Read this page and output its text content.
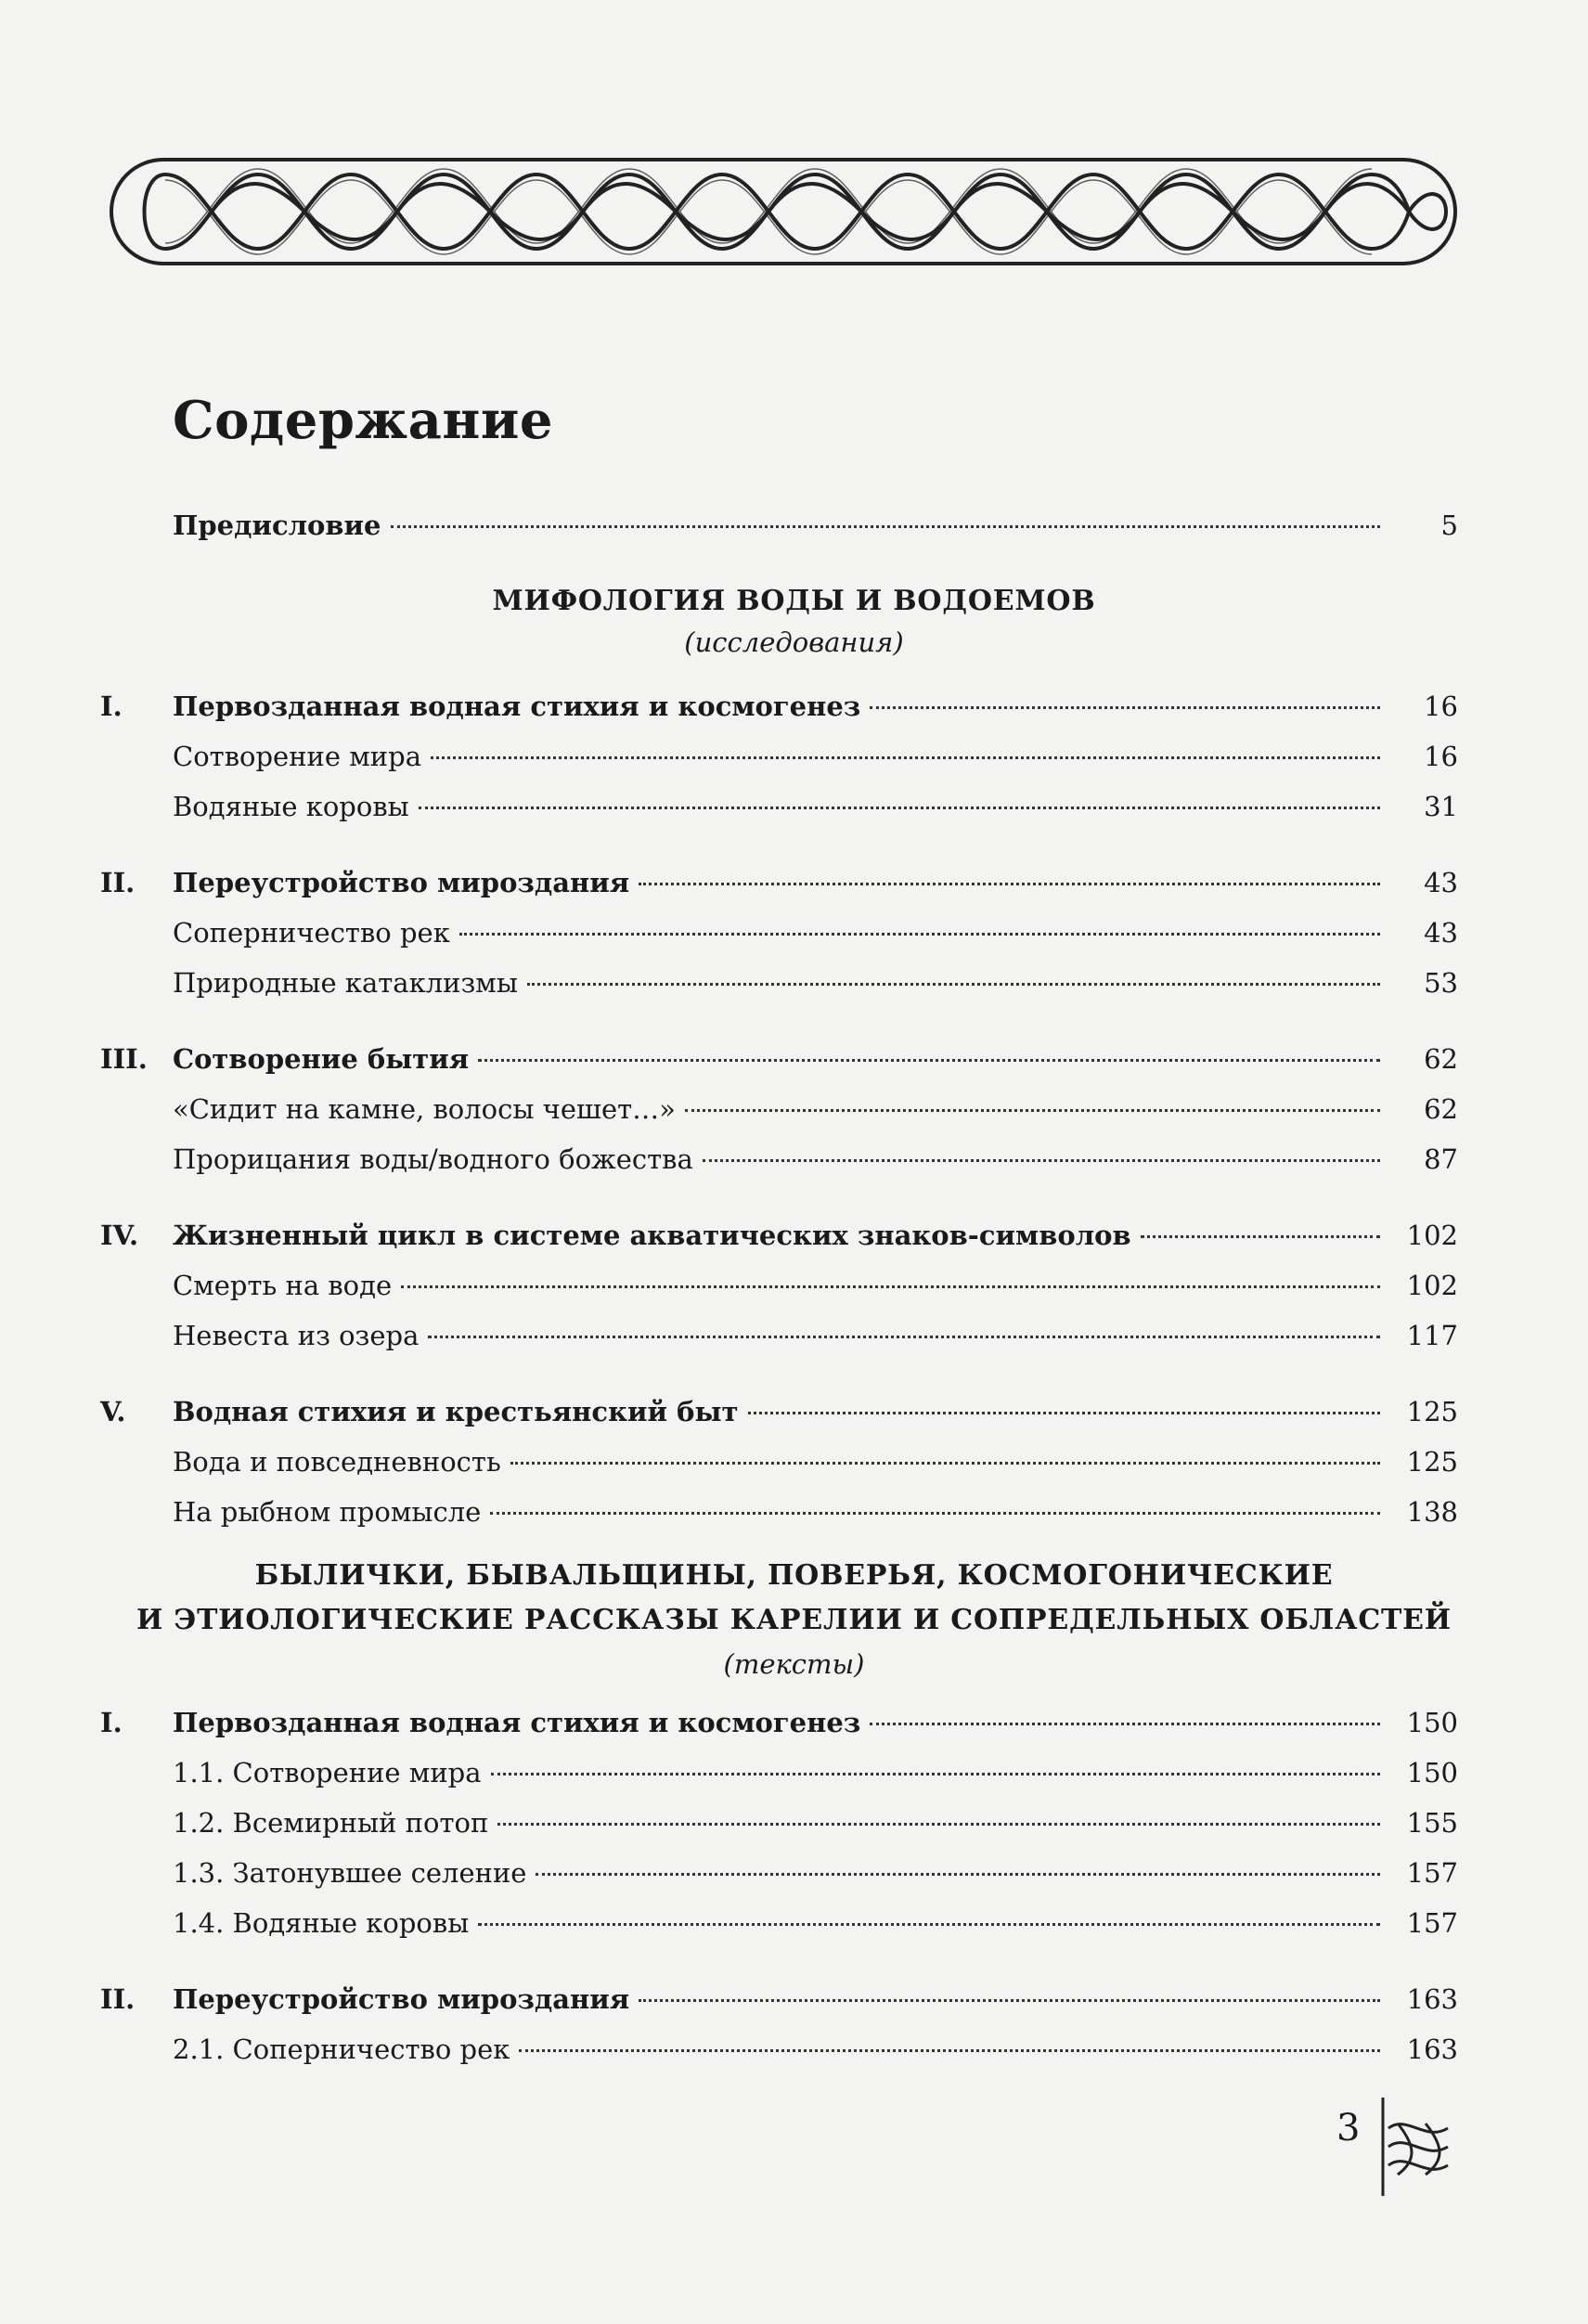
Содержание
Предисловие	5
МИФОЛОГИЯ ВОДЫ И ВОДОЕМОВ
(исследования)
I.	Первозданная водная стихия и космогенез	16
Сотворение мира	16
Водяные коровы	31
II.	Переустройство мироздания	43
Соперничество рек	43
Природные катаклизмы	53
III. Сотворение бытия	62
«Сидит на камне, волосы чешет…»	62
Прорицания воды/водного божества	87
IV.	Жизненный цикл в системе акватических знаков-символов	102
Смерть на воде	102
Невеста из озера	117
V.	Водная стихия и крестьянский быт	125
Вода и повседневность	125
На рыбном промысле	138
БЫЛИЧКИ, БЫВАЛЬЩИНЫ, ПОВЕРЬЯ, КОСМОГОНИЧЕСКИЕ
И ЭТИОЛОГИЧЕСКИЕ РАССКАЗЫ КАРЕЛИИ И СОПРЕДЕЛЬНЫХ ОБЛАСТЕЙ
(тексты)
I.	Первозданная водная стихия и космогенез	150
1.1. Сотворение мира	150
1.2. Всемирный потоп	155
1.3. Затонувшее селение	157
1.4. Водяные коровы	157
II.	Переустройство мироздания	163
2.1. Соперничество рек	163
3
